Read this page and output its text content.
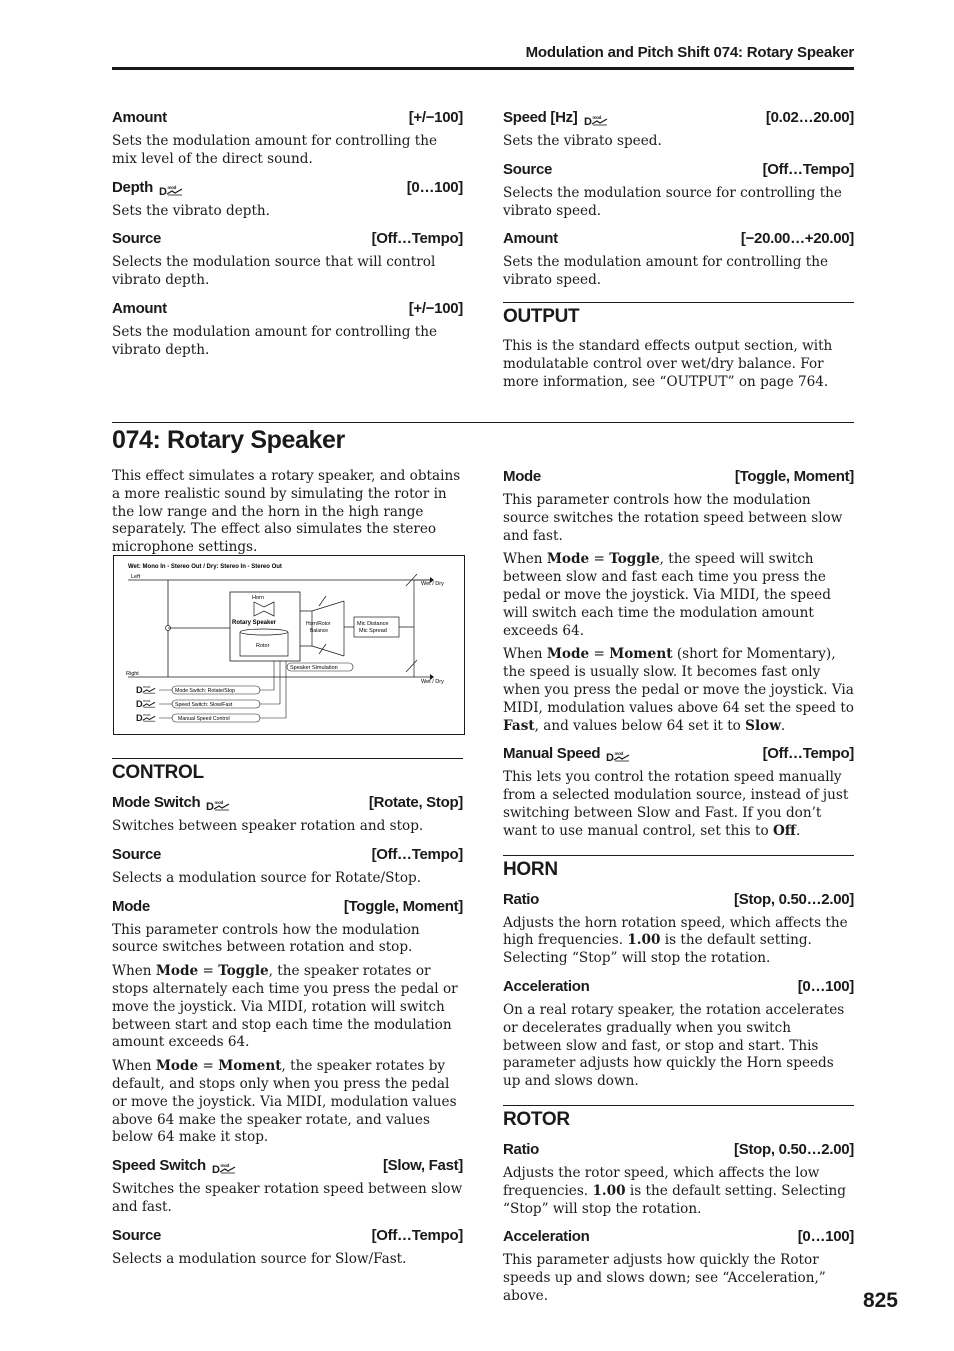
Modulation and Pitch Shift 074: Rotary Speaker
Amount	[+/−100]

Sets the modulation amount for controlling the mix level of the direct sound.

Depth	[0…100]

Sets the vibrato depth.

Source	[Off…Tempo]

Selects the modulation source that will control vibrato depth.

Amount	[+/−100]

Sets the modulation amount for controlling the vibrato depth.

Speed [Hz]	[0.02…20.00]

Sets the vibrato speed.

Source	[Off…Tempo]

Selects the modulation source for controlling the vibrato speed.

Amount	[−20.00…+20.00]

Sets the modulation amount for controlling the vibrato speed.

OUTPUT

This is the standard effects output section, with modulatable control over wet/dry balance. For more information, see “OUTPUT” on page 764.

074: Rotary Speaker

This effect simulates a rotary speaker, and obtains a more realistic sound by simulating the rotor in the low range and the horn in the high range separately. The effect also simulates the stereo microphone settings.

Wet: Mono In - Stereo Out / Dry: Stereo In - Stereo Out
Left
Right
Horn
Rotary Speaker
Rotor
Horn/Rotor
Balance
Mic Distance
Mic Spread
Wet / Dry
Wet / Dry
Speaker Simulation
Mode Switch: Rotate/Stop
Speed Switch: Slow/Fast
Manual Speed Control
CONTROL
Mode Switch	[Rotate, Stop]

Switches between speaker rotation and stop.

Source	[Off…Tempo]

Selects a modulation source for Rotate/Stop.

Mode	[Toggle, Moment]

This parameter controls how the modulation source switches between rotation and stop.

When Mode = Toggle, the speaker rotates or stops alternately each time you press the pedal or move the joystick. Via MIDI, rotation will switch between start and stop each time the modulation amount exceeds 64.

When Mode = Moment, the speaker rotates by default, and stops only when you press the pedal or move the joystick. Via MIDI, modulation values above 64 make the speaker rotate, and values below 64 make it stop.

Speed Switch	[Slow, Fast]

Switches the speaker rotation speed between slow and fast.

Source	[Off…Tempo]

Selects a modulation source for Slow/Fast.

Mode	[Toggle, Moment]

This parameter controls how the modulation source switches the rotation speed between slow and fast.

When Mode = Toggle, the speed will switch between slow and fast each time you press the pedal or move the joystick. Via MIDI, the speed will switch each time the modulation amount exceeds 64.

When Mode = Moment (short for Momentary), the speed is usually slow. It becomes fast only when you press the pedal or move the joystick. Via MIDI, modulation values above 64 set the speed to Fast, and values below 64 set it to Slow.

Manual Speed	[Off…Tempo]

This lets you control the rotation speed manually from a selected modulation source, instead of just switching between Slow and Fast. If you don’t want to use manual control, set this to Off.

HORN
Ratio	[Stop, 0.50…2.00]

Adjusts the horn rotation speed, which affects the high frequencies. 1.00 is the default setting. Selecting “Stop” will stop the rotation.

Acceleration	[0…100]

On a real rotary speaker, the rotation accelerates or decelerates gradually when you switch between slow and fast, or stop and start. This parameter adjusts how quickly the Horn speeds up and slows down.

ROTOR
Ratio	[Stop, 0.50…2.00]

Adjusts the rotor speed, which affects the low frequencies. 1.00 is the default setting. Selecting “Stop” will stop the rotation.

Acceleration	[0…100]

This parameter adjusts how quickly the Rotor speeds up and slows down; see “Acceleration,” above.	825
